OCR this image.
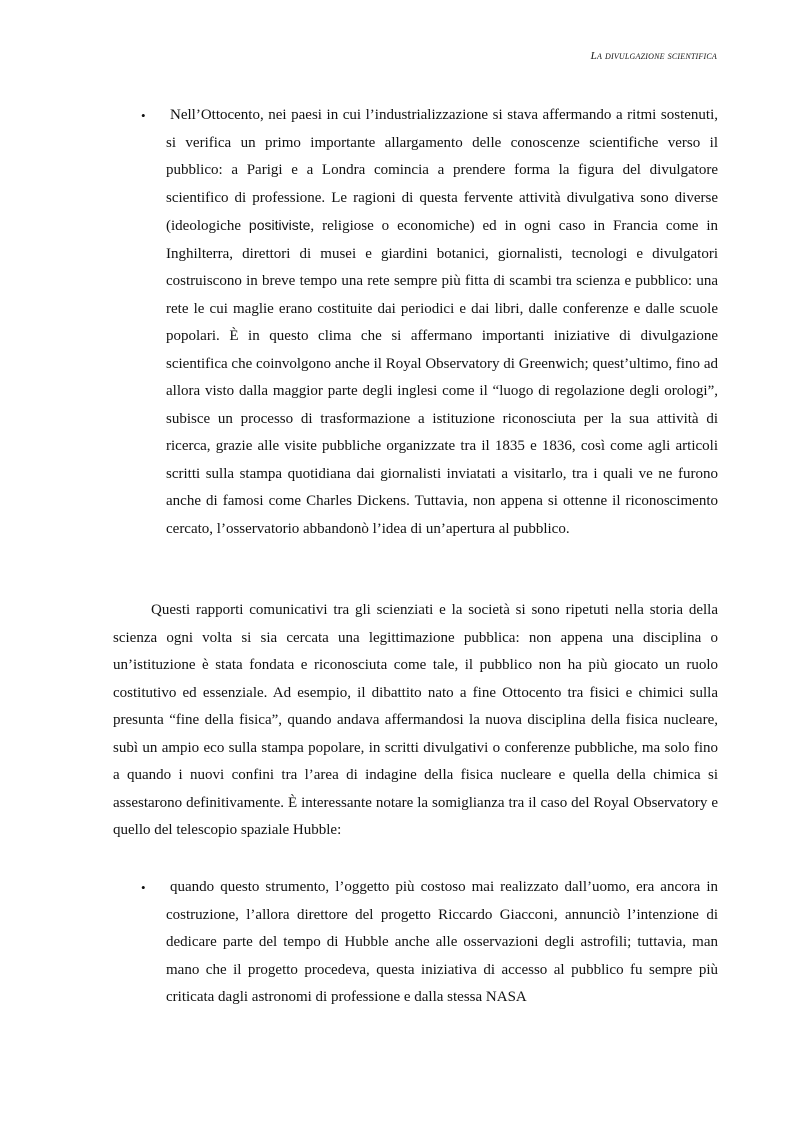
La divulgazione scientifica
• Nell’Ottocento, nei paesi in cui l’industrializzazione si stava affermando a ritmi sostenuti, si verifica un primo importante allargamento delle conoscenze scientifiche verso il pubblico: a Parigi e a Londra comincia a prendere forma la figura del divulgatore scientifico di professione. Le ragioni di questa fervente attività divulgativa sono diverse (ideologiche positiviste, religiose o economiche) ed in ogni caso in Francia come in Inghilterra, direttori di musei e giardini botanici, giornalisti, tecnologi e divulgatori costruiscono in breve tempo una rete sempre più fitta di scambi tra scienza e pubblico: una rete le cui maglie erano costituite dai periodici e dai libri, dalle conferenze e dalle scuole popolari. È in questo clima che si affermano importanti iniziative di divulgazione scientifica che coinvolgono anche il Royal Observatory di Greenwich; quest’ultimo, fino ad allora visto dalla maggior parte degli inglesi come il “luogo di regolazione degli orologi”, subisce un processo di trasformazione a istituzione riconosciuta per la sua attività di ricerca, grazie alle visite pubbliche organizzate tra il 1835 e 1836, così come agli articoli scritti sulla stampa quotidiana dai giornalisti inviatati a visitarlo, tra i quali ve ne furono anche di famosi come Charles Dickens. Tuttavia, non appena si ottenne il riconoscimento cercato, l’osservatorio abbandonò l’idea di un’apertura al pubblico.

Questi rapporti comunicativi tra gli scienziati e la società si sono ripetuti nella storia della scienza ogni volta si sia cercata una legittimazione pubblica: non appena una disciplina o un’istituzione è stata fondata e riconosciuta come tale, il pubblico non ha più giocato un ruolo costitutivo ed essenziale. Ad esempio, il dibattito nato a fine Ottocento tra fisici e chimici sulla presunta “fine della fisica”, quando andava affermandosi la nuova disciplina della fisica nucleare, subì un ampio eco sulla stampa popolare, in scritti divulgativi o conferenze pubbliche, ma solo fino a quando i nuovi confini tra l’area di indagine della fisica nucleare e quella della chimica si assestarono definitivamente. È interessante notare la somiglianza tra il caso del Royal Observatory e quello del telescopio spaziale Hubble:

• quando questo strumento, l’oggetto più costoso mai realizzato dall’uomo, era ancora in costruzione, l’allora direttore del progetto Riccardo Giacconi, annunciò l’intenzione di dedicare parte del tempo di Hubble anche alle osservazioni degli astrofili; tuttavia, man mano che il progetto procedeva, questa iniziativa di accesso al pubblico fu sempre più criticata dagli astronomi di professione e dalla stessa NASA
